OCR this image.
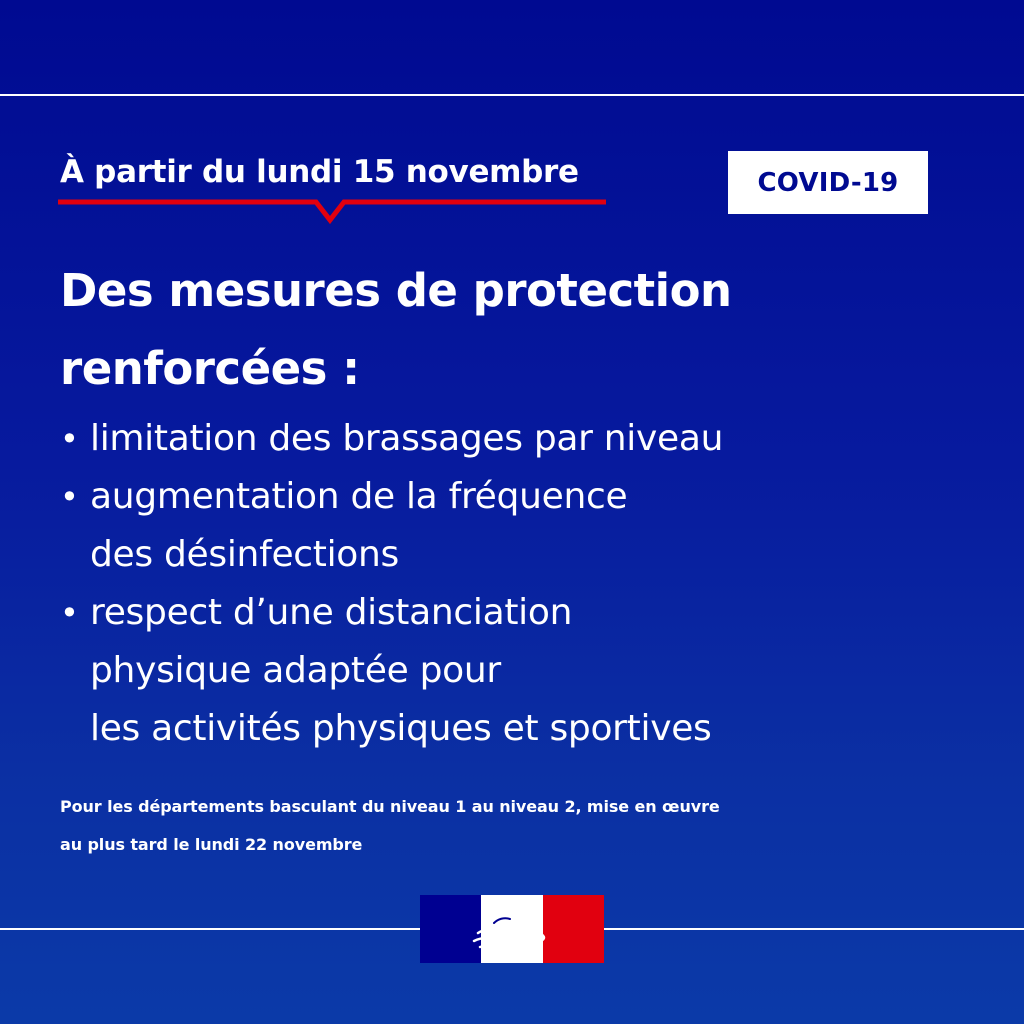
À partir du lundi 15 novembre	COVID-19
Des mesures de protection
renforcées :
• limitation des brassages par niveau
• augmentation de la fréquence
des désinfections
• respect d’une distanciation
physique adaptée pour
les activités physiques et sportives
Pour les départements basculant du niveau 1 au niveau 2, mise en œuvre
au plus tard le lundi 22 novembre
